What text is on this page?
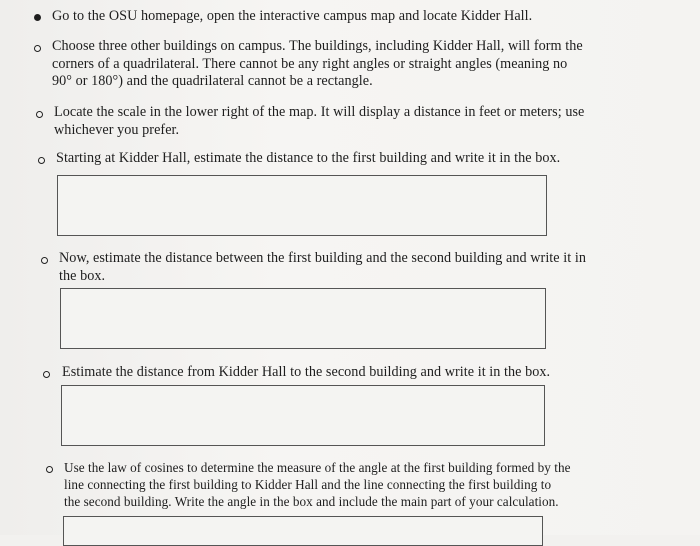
Go to the OSU homepage, open the interactive campus map and locate Kidder Hall.
Choose three other buildings on campus. The buildings, including Kidder Hall, will form the
corners of a quadrilateral. There cannot be any right angles or straight angles (meaning no
90° or 180°) and the quadrilateral cannot be a rectangle.
Locate the scale in the lower right of the map. It will display a distance in feet or meters; use
whichever you prefer.
Starting at Kidder Hall, estimate the distance to the first building and write it in the box.
Now, estimate the distance between the first building and the second building and write it in
the box.
Estimate the distance from Kidder Hall to the second building and write it in the box.
Use the law of cosines to determine the measure of the angle at the first building formed by the
line connecting the first building to Kidder Hall and the line connecting the first building to
the second building. Write the angle in the box and include the main part of your calculation.
